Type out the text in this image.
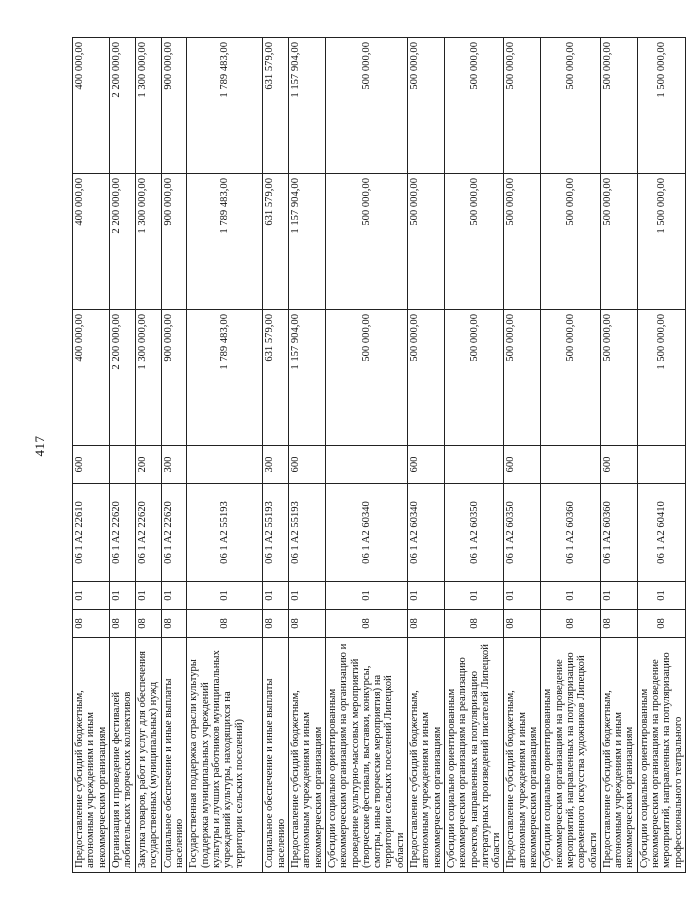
417
Предоставление субсидий бюджетным, автономным учреждениям и иным некоммерческим организациям	08	01	06 1 A2 22610	600	400 000,00	400 000,00	400 000,00
Организация и проведение фестивалей любительских творческих коллективов	08	01	06 1 A2 22620		2 200 000,00	2 200 000,00	2 200 000,00
Закупка товаров, работ и услуг для обеспечения государственных (муниципальных) нужд	08	01	06 1 A2 22620	200	1 300 000,00	1 300 000,00	1 300 000,00
Социальное обеспечение и иные выплаты населению	08	01	06 1 A2 22620	300	900 000,00	900 000,00	900 000,00
Государственная поддержка отрасли культуры (поддержка муниципальных учреждений культуры и лучших работников муниципальных учреждений культуры, находящихся на территории сельских поселений)	08	01	06 1 A2 55193		1 789 483,00	1 789 483,00	1 789 483,00
Социальное обеспечение и иные выплаты населению	08	01	06 1 A2 55193	300	631 579,00	631 579,00	631 579,00
Предоставление субсидий бюджетным, автономным учреждениям и иным некоммерческим организациям	08	01	06 1 A2 55193	600	1 157 904,00	1 157 904,00	1 157 904,00
Субсидии социально ориентированным некоммерческим организациям на организацию и проведение культурно-массовых мероприятий (творческие фестивали, выставки, конкурсы, смотры, иные творческие мероприятия) на территории сельских поселений Липецкой области	08	01	06 1 A2 60340		500 000,00	500 000,00	500 000,00
Предоставление субсидий бюджетным, автономным учреждениям и иным некоммерческим организациям	08	01	06 1 A2 60340	600	500 000,00	500 000,00	500 000,00
Субсидии социально ориентированным некоммерческим организациям на реализацию проектов, направленных на популяризацию литературных произведений писателей Липецкой области	08	01	06 1 A2 60350		500 000,00	500 000,00	500 000,00
Предоставление субсидий бюджетным, автономным учреждениям и иным некоммерческим организациям	08	01	06 1 A2 60350	600	500 000,00	500 000,00	500 000,00
Субсидии социально ориентированным некоммерческим организациям на проведение мероприятий, направленных на популяризацию современного искусства художников Липецкой области	08	01	06 1 A2 60360		500 000,00	500 000,00	500 000,00
Предоставление субсидий бюджетным, автономным учреждениям и иным некоммерческим организациям	08	01	06 1 A2 60360	600	500 000,00	500 000,00	500 000,00
Субсидии социально ориентированным некоммерческим организациям на проведение мероприятий, направленных на популяризацию профессионального театрального	08	01	06 1 A2 60410		1 500 000,00	1 500 000,00	1 500 000,00
